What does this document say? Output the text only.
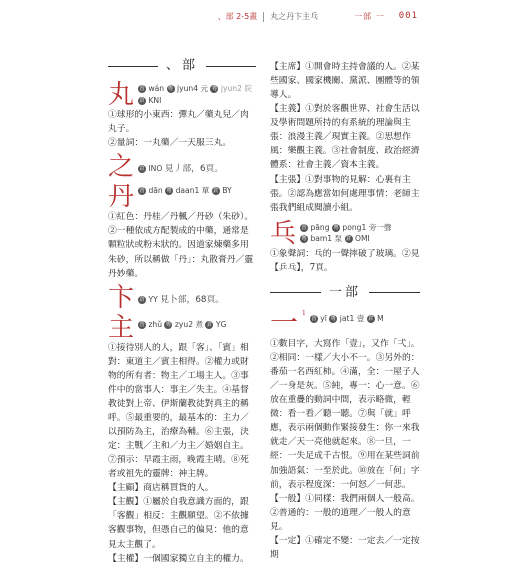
、部 2-5畫 丸之丹卞主乓	一部 一 001
、部
丸 普 wán 粵 jyun4 元 粵 jyun2 院
倉 KNI
①球形的小東西：彈丸／藥丸兒／肉丸子。
②量詞：一丸藥／一天服三丸。
之 倉 INO 見丿部，6頁。
丹 普 dān 粵 daan1 單 倉 BY
①紅色：丹桂／丹楓／丹砂（朱砂）。
②一種依成方配製成的中藥，通常是顆粒狀或粉末狀的。因道家煉藥多用朱砂，所以稱做「丹」：丸散膏丹／靈丹妙藥。
卞 倉 YY 見卜部，68頁。
主 普 zhǔ 粵 zyu2 煮 倉 YG
①接待別人的人，跟「客」、「賓」相對：東道主／賓主相得。②權力或財物的所有者：物主／工場主人。③事件中的當事人：事主／失主。④基督教徒對上帝、伊斯蘭教徒對真主的稱呼。⑤最重要的，最基本的：主力／以預防為主，治療為輔。⑥主張，決定：主戰／主和／力主／婚姻自主。⑦預示：早霞主雨，晚霞主晴。⑧死者或祖先的靈牌：神主牌。
【主顧】商店稱買貨的人。
【主觀】①屬於自我意識方面的，跟「客觀」相反：主觀願望。②不依據客觀事物，但憑自己的偏見：他的意見太主觀了。
【主權】一個國家獨立自主的權力。
【主席】①開會時主持會議的人。②某些國家、國家機關、黨派、團體等的領導人。
【主義】①對於客觀世界、社會生活以及學術問題所持的有系統的理論與主張：浪漫主義／現實主義。②思想作風：樂觀主義。③社會制度、政治經濟體系：社會主義／資本主義。
【主張】①對事物的見解：心裏有主張。②認為應當如何處理事情：老師主張我們組成閱讀小組。
乓 普 pāng 粵 pong1 旁一聲
粵 bam1 泵 倉 OMI
①象聲詞：乓的一聲摔破了玻璃。②見【乒乓】，7頁。
一部
一 1
普 yī 粵 jat1 壹 倉 M
①數目字，大寫作「壹」，又作「弌」。②相同：一樣／大小不一。③另外的：番茄一名西紅柿。④滿，全：一屋子人／一身是灰。⑤純，專一：心一意。⑥放在重疊的動詞中間，表示略微，輕微：看一看／聽一聽。⑦與「就」呼應，表示兩個動作緊接發生：你一來我就走／天一亮他就起來。⑧一旦，一經：一失足成千古恨。⑨用在某些詞前加強語氣：一至於此。⑩放在「何」字前，表示程度深：一何怒／一何悲。
【一般】①同樣：我們兩個人一般高。②普通的：一般的道理／一般人的意見。
【一定】①確定不變：一定去／一定按期
